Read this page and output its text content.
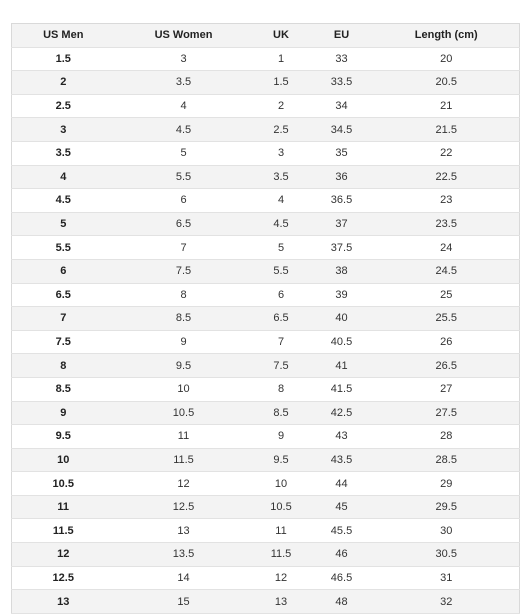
US Men	US Women	UK	EU	Length (cm)
1.5	3	1	33	20
2	3.5	1.5	33.5	20.5
2.5	4	2	34	21
3	4.5	2.5	34.5	21.5
3.5	5	3	35	22
4	5.5	3.5	36	22.5
4.5	6	4	36.5	23
5	6.5	4.5	37	23.5
5.5	7	5	37.5	24
6	7.5	5.5	38	24.5
6.5	8	6	39	25
7	8.5	6.5	40	25.5
7.5	9	7	40.5	26
8	9.5	7.5	41	26.5
8.5	10	8	41.5	27
9	10.5	8.5	42.5	27.5
9.5	11	9	43	28
10	11.5	9.5	43.5	28.5
10.5	12	10	44	29
11	12.5	10.5	45	29.5
11.5	13	11	45.5	30
12	13.5	11.5	46	30.5
12.5	14	12	46.5	31
13	15	13	48	32
